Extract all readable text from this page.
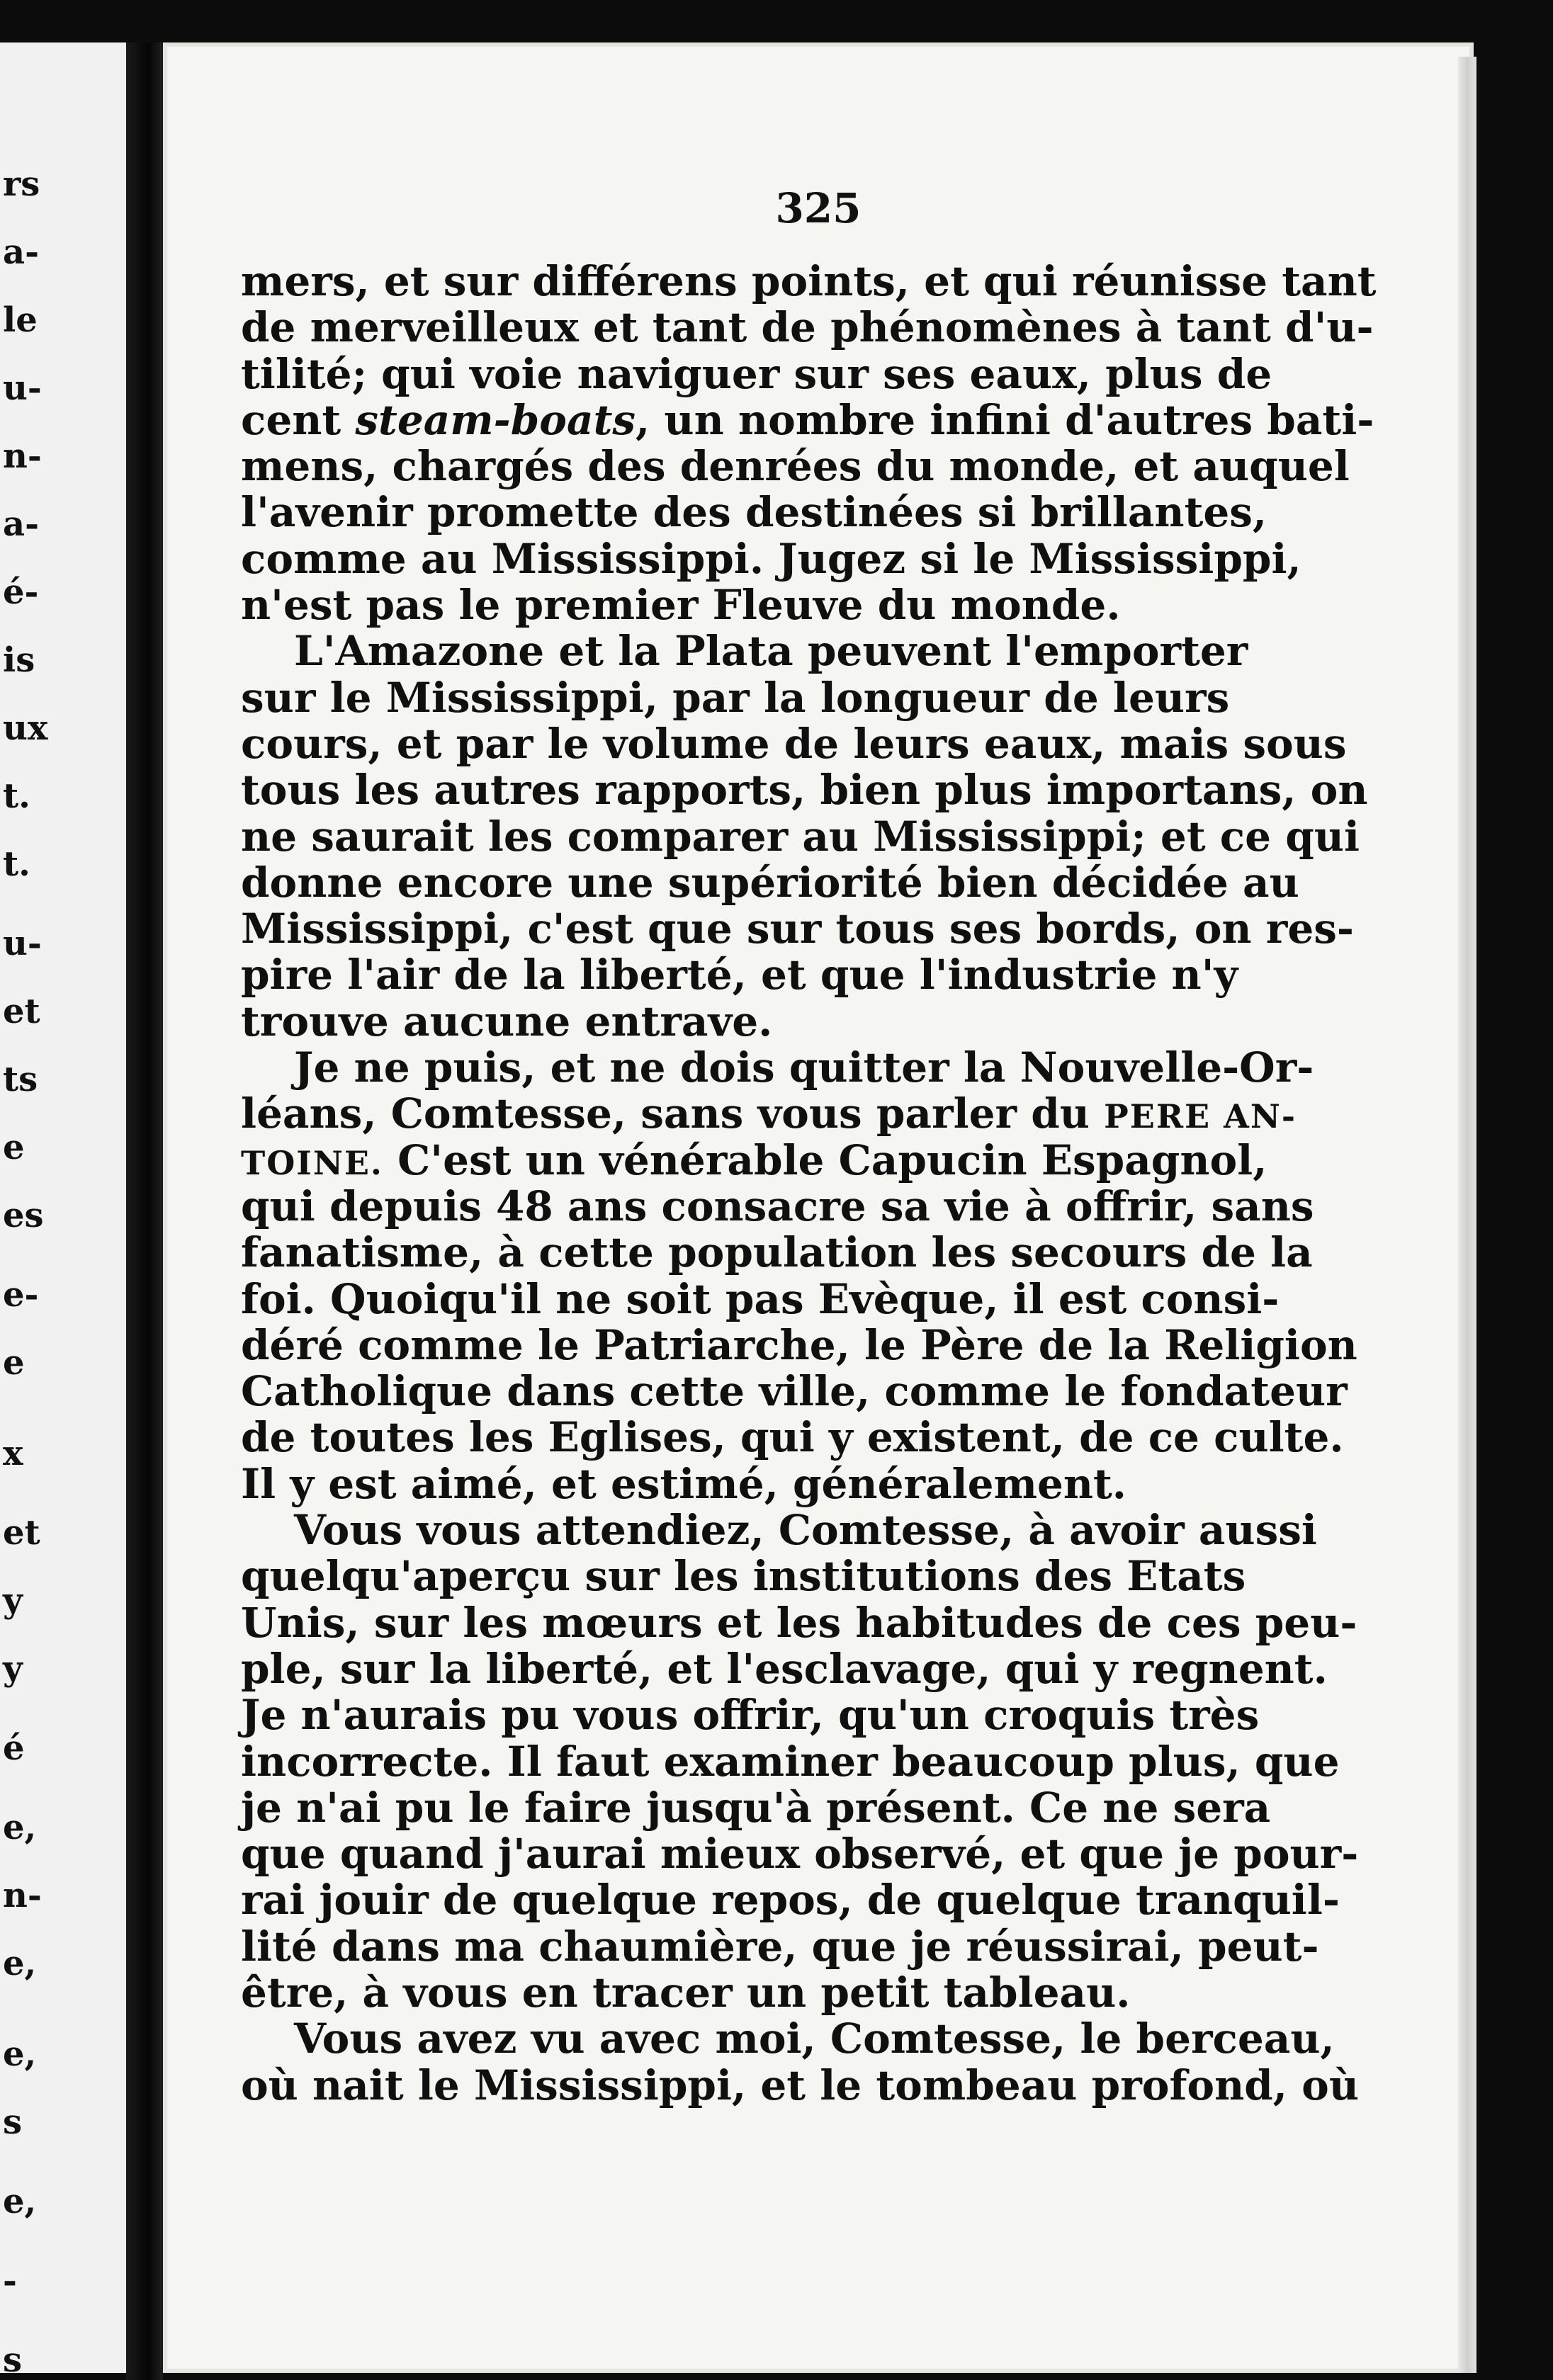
rs
a-
le
u-
n-
a-
é-
is
ux
t.
t.
u-
et
ts
e
es
e-
e
x
et
y
y
é
e,
n-
e,
e,
s
e,
-
s
325
mers, et sur différens points, et qui réunisse tant
de merveilleux et tant de phénomènes à tant d'u-
tilité; qui voie naviguer sur ses eaux, plus de
cent steam-boats, un nombre infini d'autres bati-
mens, chargés des denrées du monde, et auquel
l'avenir promette des destinées si brillantes,
comme au Mississippi. Jugez si le Mississippi,
n'est pas le premier Fleuve du monde.
L'Amazone et la Plata peuvent l'emporter
sur le Mississippi, par la longueur de leurs
cours, et par le volume de leurs eaux, mais sous
tous les autres rapports, bien plus importans, on
ne saurait les comparer au Mississippi; et ce qui
donne encore une supériorité bien décidée au
Mississippi, c'est que sur tous ses bords, on res-
pire l'air de la liberté, et que l'industrie n'y
trouve aucune entrave.
Je ne puis, et ne dois quitter la Nouvelle-Or-
léans, Comtesse, sans vous parler du PERE AN-
TOINE. C'est un vénérable Capucin Espagnol,
qui depuis 48 ans consacre sa vie à offrir, sans
fanatisme, à cette population les secours de la
foi. Quoiqu'il ne soit pas Evèque, il est consi-
déré comme le Patriarche, le Père de la Religion
Catholique dans cette ville, comme le fondateur
de toutes les Eglises, qui y existent, de ce culte.
Il y est aimé, et estimé, généralement.
Vous vous attendiez, Comtesse, à avoir aussi
quelqu'aperçu sur les institutions des Etats
Unis, sur les mœurs et les habitudes de ces peu-
ple, sur la liberté, et l'esclavage, qui y regnent.
Je n'aurais pu vous offrir, qu'un croquis très
incorrecte. Il faut examiner beaucoup plus, que
je n'ai pu le faire jusqu'à présent. Ce ne sera
que quand j'aurai mieux observé, et que je pour-
rai jouir de quelque repos, de quelque tranquil-
lité dans ma chaumière, que je réussirai, peut-
être, à vous en tracer un petit tableau.
Vous avez vu avec moi, Comtesse, le berceau,
où nait le Mississippi, et le tombeau profond, où
